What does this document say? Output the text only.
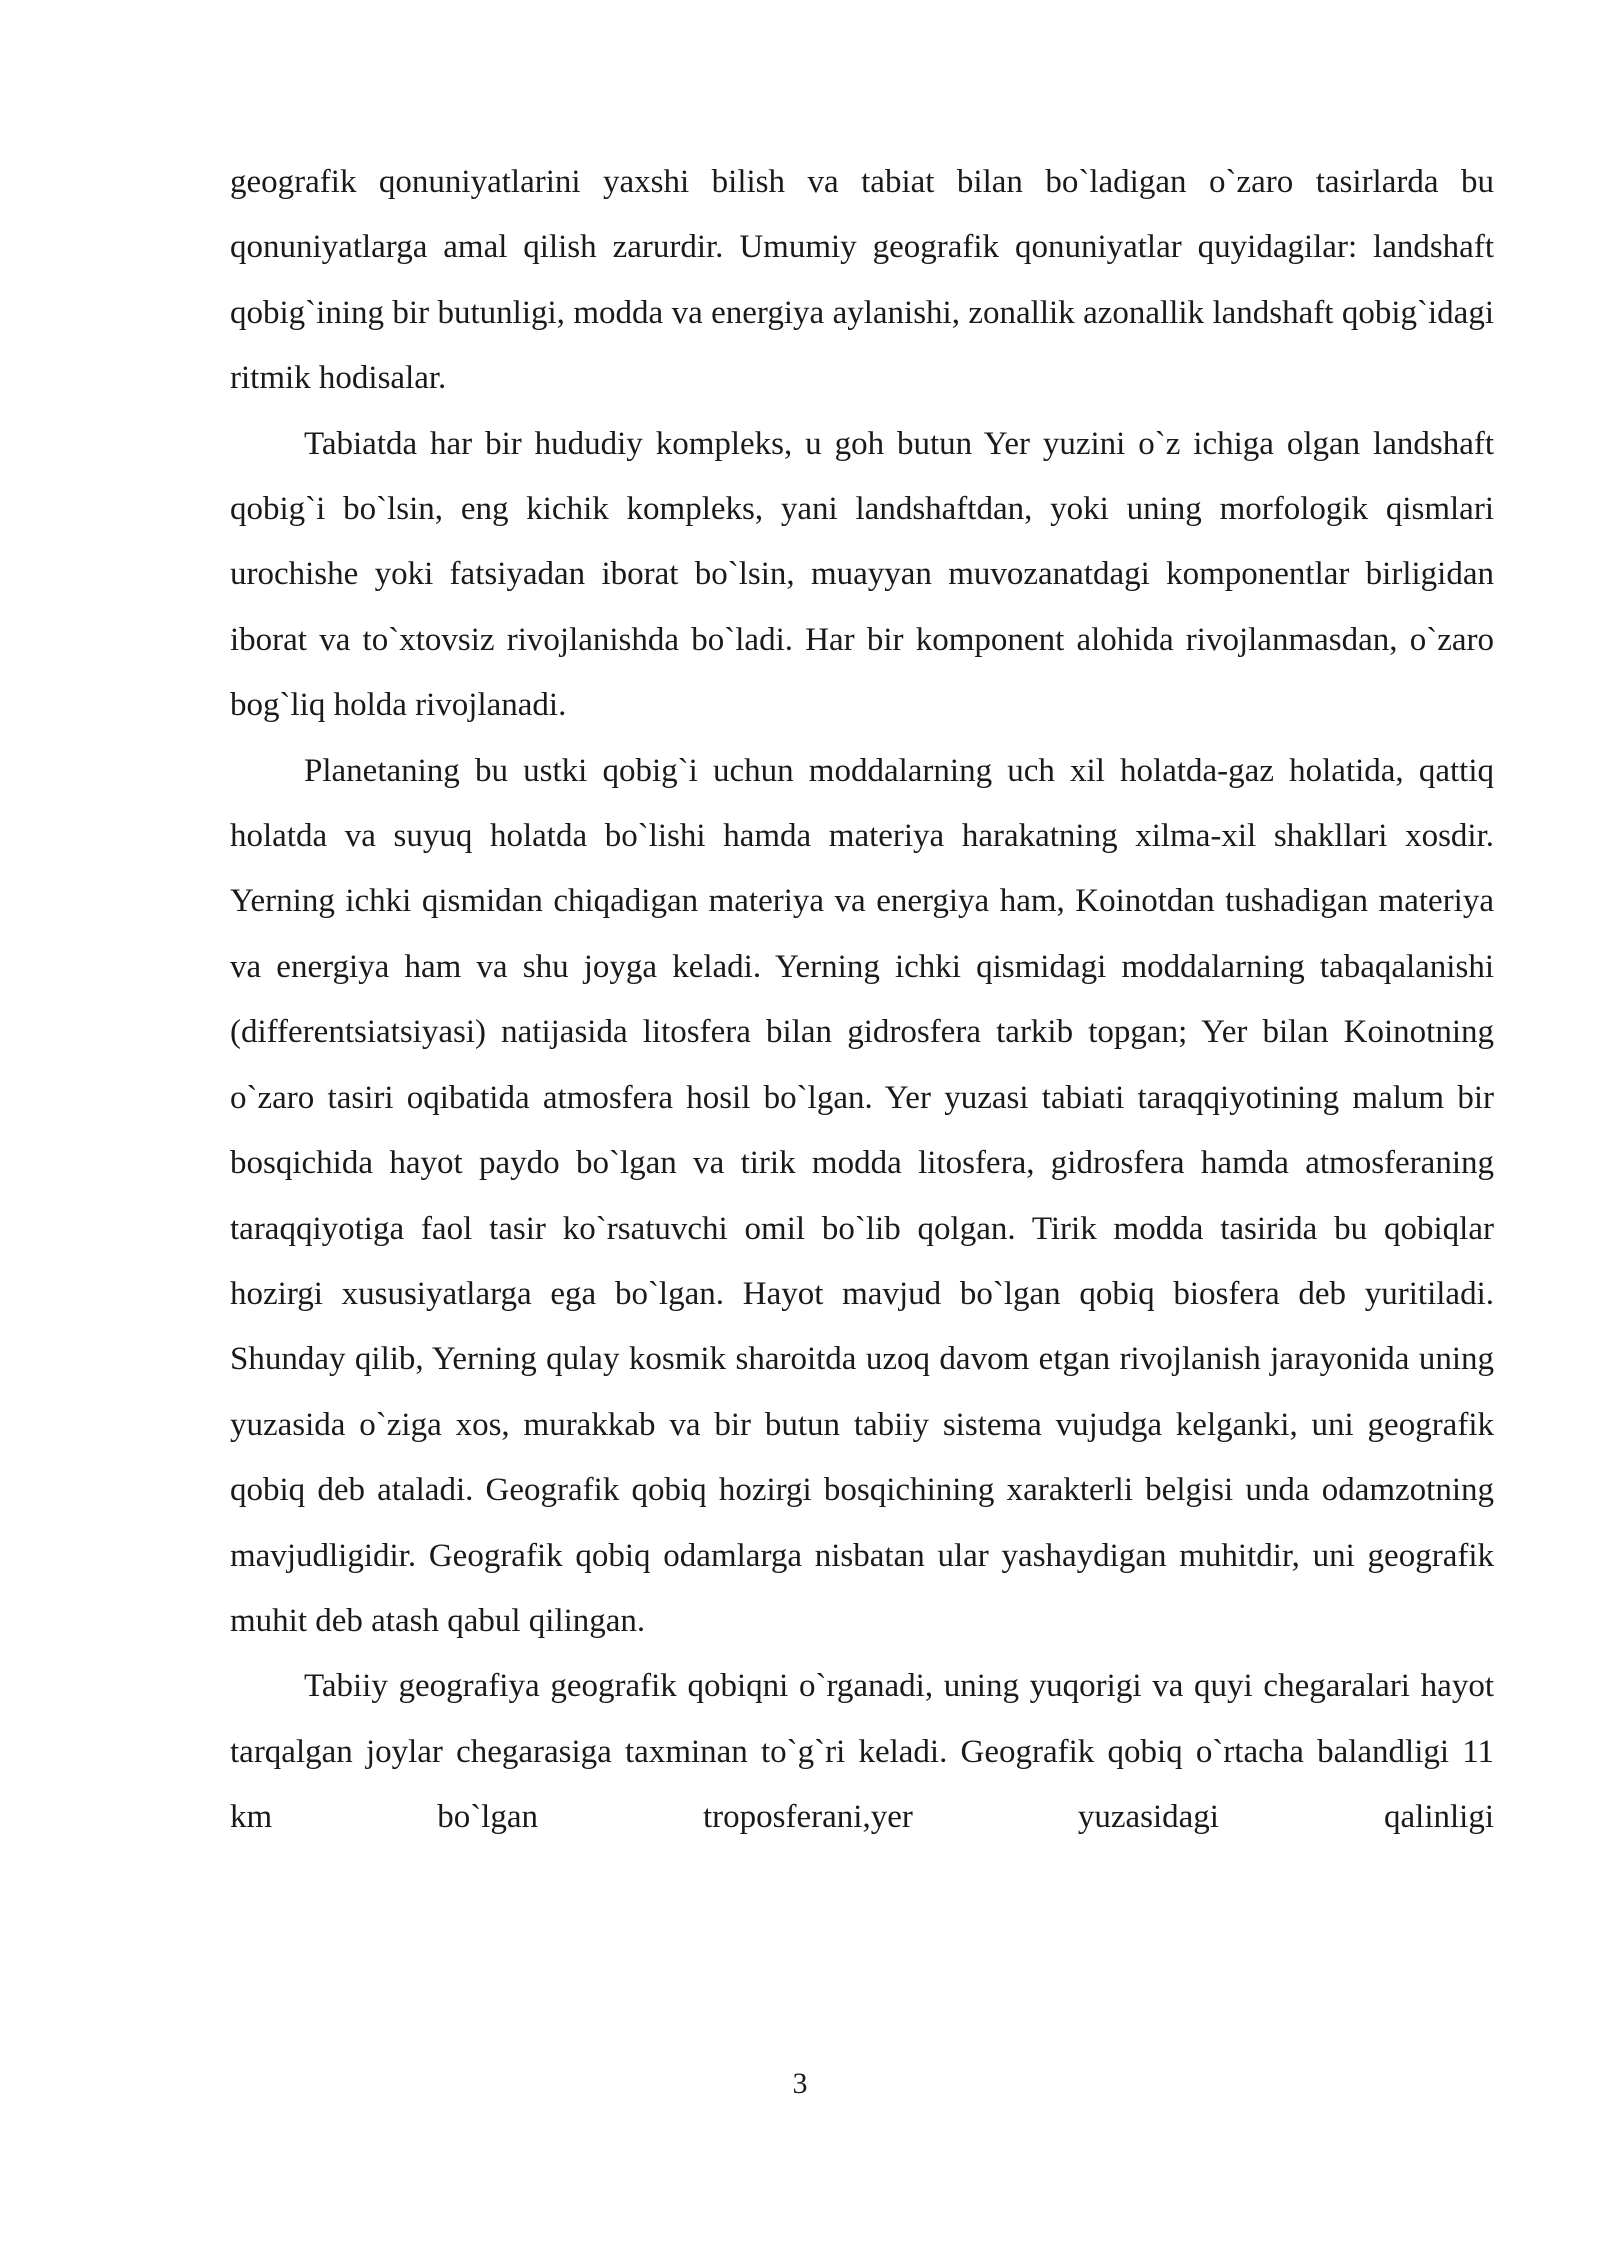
geografik qonuniyatlarini yaxshi bilish va tabiat bilan bo`ladigan o`zaro tasirlarda bu qonuniyatlarga amal qilish zarurdir. Umumiy geografik qonuniyatlar quyidagilar: landshaft qobig`ining bir butunligi, modda va energiya aylanishi, zonallik azonallik landshaft qobig`idagi ritmik hodisalar.

Tabiatda har bir hududiy kompleks, u goh butun Yer yuzini o`z ichiga olgan landshaft qobig`i bo`lsin, eng kichik kompleks, yani landshaftdan, yoki uning morfologik qismlari urochishe yoki fatsiyadan iborat bo`lsin, muayyan muvozanatdagi komponentlar birligidan iborat va to`xtovsiz rivojlanishda bo`ladi. Har bir komponent alohida rivojlanmasdan, o`zaro bog`liq holda rivojlanadi.

Planetaning bu ustki qobig`i uchun moddalarning uch xil holatda-gaz holatida, qattiq holatda va suyuq holatda bo`lishi hamda materiya harakatning xilma-xil shakllari xosdir. Yerning ichki qismidan chiqadigan materiya va energiya ham, Koinotdan tushadigan materiya va energiya ham va shu joyga keladi. Yerning ichki qismidagi moddalarning tabaqalanishi (differentsiatsiyasi) natijasida litosfera bilan gidrosfera tarkib topgan; Yer bilan Koinotning o`zaro tasiri oqibatida atmosfera hosil bo`lgan. Yer yuzasi tabiati taraqqiyotining malum bir bosqichida hayot paydo bo`lgan va tirik modda litosfera, gidrosfera hamda atmosferaning taraqqiyotiga faol tasir ko`rsatuvchi omil bo`lib qolgan. Tirik modda tasirida bu qobiqlar hozirgi xususiyatlarga ega bo`lgan. Hayot mavjud bo`lgan qobiq biosfera deb yuritiladi. Shunday qilib, Yerning qulay kosmik sharoitda uzoq davom etgan rivojlanish jarayonida uning yuzasida o`ziga xos, murakkab va bir butun tabiiy sistema vujudga kelganki, uni geografik qobiq deb ataladi. Geografik qobiq hozirgi bosqichining xarakterli belgisi unda odamzotning mavjudligidir. Geografik qobiq odamlarga nisbatan ular yashaydigan muhitdir, uni geografik muhit deb atash qabul qilingan.

Tabiiy geografiya geografik qobiqni o`rganadi, uning yuqorigi va quyi chegaralari hayot tarqalgan joylar chegarasiga taxminan to`g`ri keladi. Geografik qobiq o`rtacha balandligi 11 km bo`lgan troposferani,yer yuzasidagi qalinligi

3
